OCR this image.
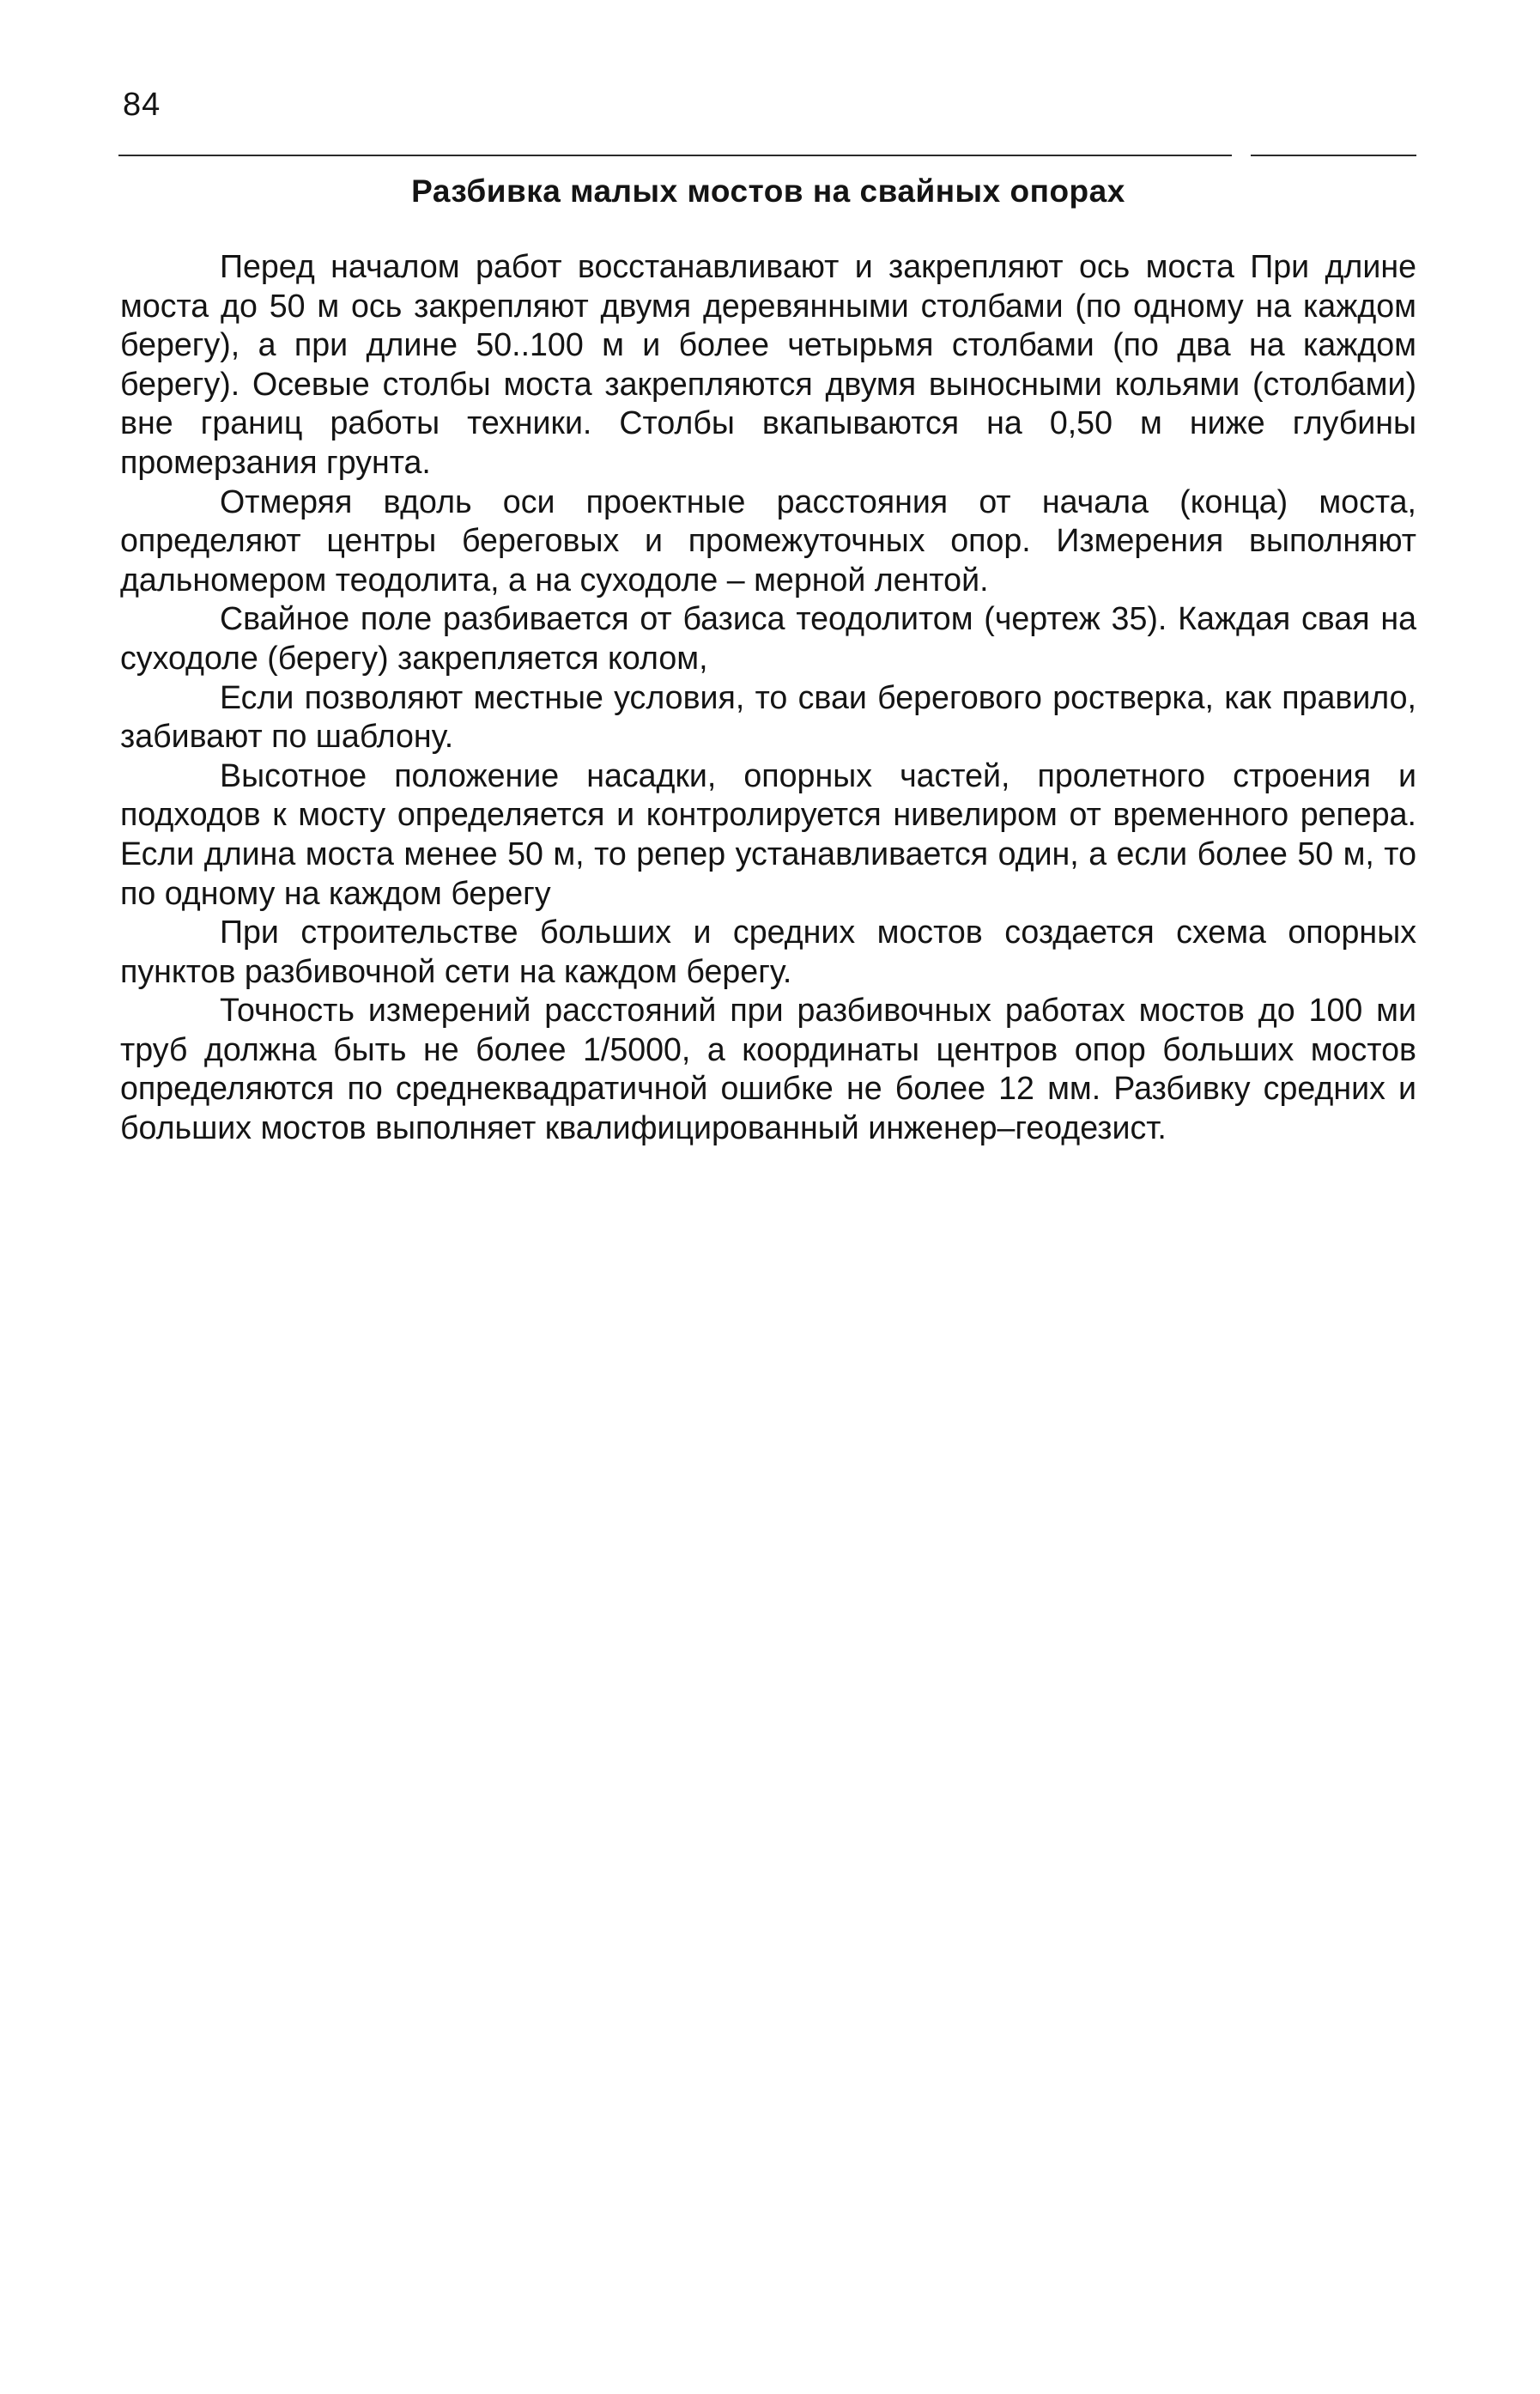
84
Разбивка малых мостов на свайных опорах

Перед началом работ восстанавливают и закрепляют ось моста При длине моста до 50 м ось закрепляют двумя деревянными столбами (по одному на каждом берегу), а при длине 50..100 м и более четырьмя столбами (по два на каждом берегу). Осевые столбы моста закрепляются двумя выносными кольями (столбами) вне границ работы техники. Столбы вкапываются на 0,50 м ниже глубины промерзания грунта.

Отмеряя вдоль оси проектные расстояния от начала (конца) моста, определяют центры береговых и промежуточных опор. Измерения выполняют дальномером теодолита, а на суходоле – мерной лентой.

Свайное поле разбивается от базиса теодолитом (чертеж 35). Каждая свая на суходоле (берегу) закрепляется колом,

Если позволяют местные условия, то сваи берегового ростверка, как правило, забивают по шаблону.

Высотное положение насадки, опорных частей, пролетного строения и подходов к мосту определяется и контролируется нивелиром от временного репера. Если длина моста менее 50 м, то репер устанавливается один, а если более 50 м, то по одному на каждом берегу

При строительстве больших и средних мостов создается схема опорных пунктов разбивочной сети на каждом берегу.

Точность измерений расстояний при разбивочных работах мостов до 100 ми труб должна быть не более 1/5000, а координаты центров опор больших мостов определяются по среднеквадратичной ошибке не более 12 мм. Разбивку средних и больших мостов выполняет квалифицированный инженер–геодезист.
